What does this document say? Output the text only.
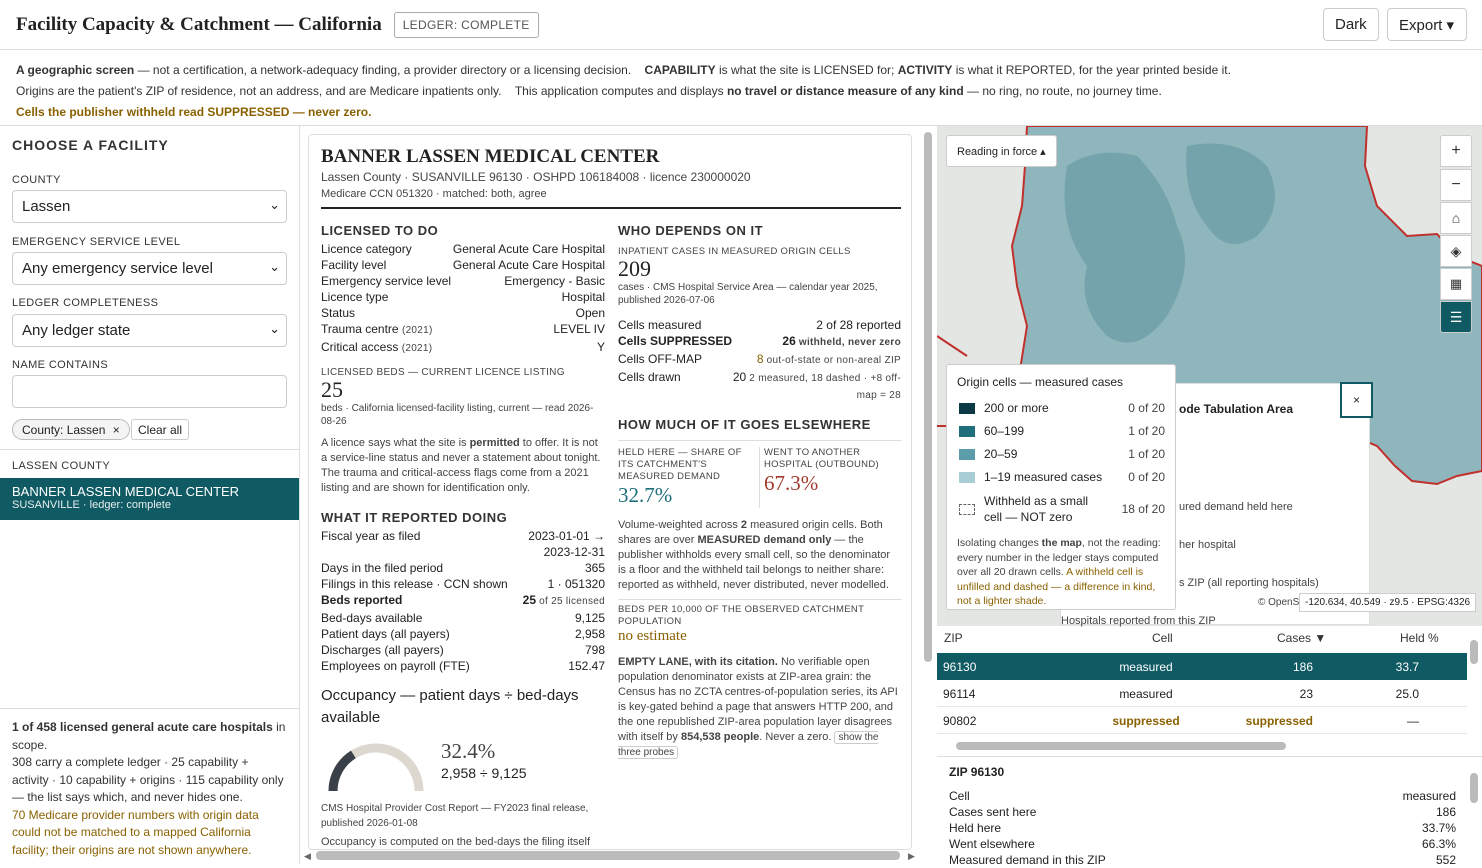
Facility Capacity & Catchment — California	LEDGER: COMPLETE	Dark	Export ▾
A geographic screen — not a certification, a network-adequacy finding, a provider directory or a licensing decision. CAPABILITY is what the site is LICENSED for; ACTIVITY is what it REPORTED, for the year printed beside it.
Origins are the patient's ZIP of residence, not an address, and are Medicare inpatients only. This application computes and displays no travel or distance measure of any kind — no ring, no route, no journey time.
Cells the publisher withheld read SUPPRESSED — never zero.
CHOOSE A FACILITY
COUNTY
Lassen	⌄
EMERGENCY SERVICE LEVEL
Any emergency service level	⌄
LEDGER COMPLETENESS
Any ledger state	⌄
NAME CONTAINS
County: Lassen ×	Clear all
LASSEN COUNTY
BANNER LASSEN MEDICAL CENTER
SUSANVILLE · ledger: complete
1 of 458 licensed general acute care hospitals in scope.
308 carry a complete ledger · 25 capability + activity · 10 capability + origins · 115 capability only — the list says which, and never hides one.
70 Medicare provider numbers with origin data could not be matched to a mapped California facility; their origins are not shown anywhere.
BANNER LASSEN MEDICAL CENTER
Lassen County · SUSANVILLE 96130 · OSHPD 106184008 · licence 230000020
Medicare CCN 051320 · matched: both, agree
LICENSED TO DO
Licence category	General Acute Care Hospital
Facility level	General Acute Care Hospital
Emergency service level	Emergency - Basic
Licence type	Hospital
Status	Open
Trauma centre (2021)	LEVEL IV
Critical access (2021)	Y
LICENSED BEDS — CURRENT LICENCE LISTING
25
beds · California licensed-facility listing, current — read 2026-08-26
A licence says what the site is permitted to offer. It is not a service-line status and never a statement about tonight. The trauma and critical-access flags come from a 2021 listing and are shown for identification only.
WHAT IT REPORTED DOING
Fiscal year as filed	2023-01-01 →
2023-12-31
Days in the filed period	365
Filings in this release · CCN shown	1 · 051320
Beds reported	25 of 25 licensed
Bed-days available	9,125
Patient days (all payers)	2,958
Discharges (all payers)	798
Employees on payroll (FTE)	152.47
Occupancy — patient days ÷ bed-days available
32.4%
2,958 ÷ 9,125
CMS Hospital Provider Cost Report — FY2023 final release, published 2026-01-08
Occupancy is computed on the bed-days the filing itself
WHO DEPENDS ON IT
INPATIENT CASES IN MEASURED ORIGIN CELLS
209
cases · CMS Hospital Service Area — calendar year 2025, published 2026-07-06
Cells measured	2 of 28 reported
Cells SUPPRESSED	26 withheld, never zero
Cells OFF-MAP	8 out-of-state or non-areal ZIP
Cells drawn	20 2 measured, 18 dashed · +8 off-map = 28
HOW MUCH OF IT GOES ELSEWHERE
HELD HERE — SHARE OF ITS CATCHMENT'S MEASURED DEMAND
32.7%
WENT TO ANOTHER HOSPITAL (OUTBOUND)
67.3%
Volume-weighted across 2 measured origin cells. Both shares are over MEASURED demand only — the publisher withholds every small cell, so the denominator is a floor and the withheld tail belongs to neither share: reported as withheld, never distributed, never modelled.
BEDS PER 10,000 OF THE OBSERVED CATCHMENT POPULATION
no estimate
EMPTY LANE, with its citation. No verifiable open population denominator exists at ZIP-area grain: the Census has no ZCTA centres-of-population series, its API is key-gated behind a page that answers HTTP 200, and the one republished ZIP-area population layer disagrees with itself by 854,538 people. Never a zero. show the three probes
◀	▶
Reading in force ▴	+
−
⌂
◈
▦
☰
ode Tabulation Area
ured demand held here
her hospital
s ZIP (all reporting hospitals)
Hospitals reported from this ZIP
×
© OpenS -120.634, 40.549 · z9.5 · EPSG:4326
Origin cells — measured cases
200 or more	0 of 20
60–199	1 of 20
20–59	1 of 20
1–19 measured cases 0 of 20
Withheld as a small cell — NOT zero
18 of 20
Isolating changes the map, not the reading: every number in the ledger stays computed over all 20 drawn cells. A withheld cell is unfilled and dashed — a difference in kind, not a lighter shade.
ZIP	Cell	Cases ▼	Held %
96130	measured	186	33.7
96114	measured	23	25.0
90802	suppressed	suppressed	—
ZIP 96130
Cell	measured
Cases sent here	186
Held here	33.7%
Went elsewhere	66.3%
Measured demand in this ZIP	552
